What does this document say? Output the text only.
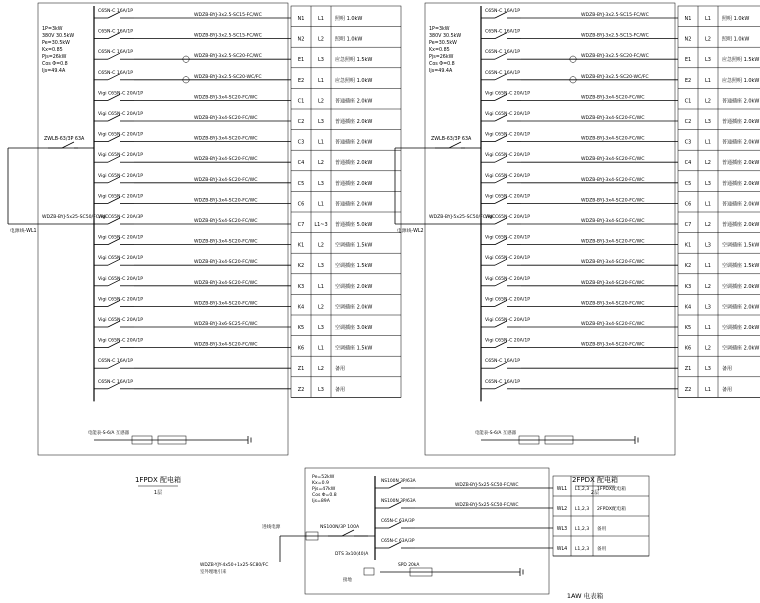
C65N-C 16A/1P
WDZB-BYJ-3x2.5-SC15-FC/WC
N1	L1 照明 1.0kW
C65N-C 16A/1P
WDZB-BYJ-3x2.5-SC15-FC/WC
N2	L2 照明 1.0kW
C65N-C 16A/1P
WDZB-BYJ-3x2.5-SC20-FC/WC
E1	L3 应急照明 1.5kW
C65N-C 16A/1P
WDZB-BYJ-3x2.5-SC20-WC/FC
E2	L1 应急照明 1.0kW
Vigi C65N-C 20A/1P
WDZB-BYJ-3x4-SC20-FC/WC
C1	L2 普通插座 2.0kW
Vigi C65N-C 20A/1P
WDZB-BYJ-3x4-SC20-FC/WC
C2	L3 普通插座 2.0kW
Vigi C65N-C 20A/1P
WDZB-BYJ-3x4-SC20-FC/WC
C3	L1 普通插座 2.0kW
Vigi C65N-C 20A/1P
WDZB-BYJ-3x4-SC20-FC/WC
C4	L2 普通插座 2.0kW
Vigi C65N-C 20A/1P
WDZB-BYJ-3x4-SC20-FC/WC
C5	L3 普通插座 2.0kW
Vigi C65N-C 20A/1P
WDZB-BYJ-3x4-SC20-FC/WC
C6	L1 普通插座 2.0kW
Vigi C65N-C 20A/3P
WDZB-BYJ-5x4-SC20-FC/WC
C7 L1~3 普通插座 5.0kW
Vigi C65N-C 20A/1P
WDZB-BYJ-3x4-SC20-FC/WC
K1	L2 空调插座 1.5kW
Vigi C65N-C 20A/1P
WDZB-BYJ-3x4-SC20-FC/WC
K2	L3 空调插座 1.5kW
Vigi C65N-C 20A/1P
WDZB-BYJ-3x4-SC20-FC/WC
K3	L1 空调插座 2.0kW
Vigi C65N-C 20A/1P
WDZB-BYJ-3x4-SC20-FC/WC
K4	L2 空调插座 2.0kW
Vigi C65N-C 20A/1P
WDZB-BYJ-3x6-SC25-FC/WC
K5	L3 空调插座 3.0kW
Vigi C65N-C 20A/1P
WDZB-BYJ-3x4-SC20-FC/WC
K6	L1 空调插座 1.5kW
C65N-C 16A/1P
Z1	L2 备用
C65N-C 16A/1P
Z2	L3 备用
1P=3kW
380V 30.5kW
Pe=30.5kW
Kx=0.85
Pjs=26kW
Cos Φ=0.8
Ijs=49.4A
ZWLB-63/3P 63A
WDZB-BYJ-5x25-SC50/FC/WC
电源线-WL1
电能表-S-6/A 互感器
1FPDX 配电箱
1层
C65N-C 16A/1P
WDZB-BYJ-3x2.5-SC15-FC/WC
N1	L1 照明 1.0kW
C65N-C 16A/1P
WDZB-BYJ-3x2.5-SC15-FC/WC
N2	L2 照明 1.0kW
C65N-C 16A/1P
WDZB-BYJ-3x2.5-SC20-FC/WC
E1	L3 应急照明 1.5kW
C65N-C 16A/1P
WDZB-BYJ-3x2.5-SC20-WC/FC
E2	L1 应急照明 1.0kW
Vigi C65N-C 20A/1P
WDZB-BYJ-3x4-SC20-FC/WC
C1	L2 普通插座 2.0kW
Vigi C65N-C 20A/1P
WDZB-BYJ-3x4-SC20-FC/WC
C2	L3 普通插座 2.0kW
Vigi C65N-C 20A/1P
WDZB-BYJ-3x4-SC20-FC/WC
C3	L1 普通插座 2.0kW
Vigi C65N-C 20A/1P
WDZB-BYJ-3x4-SC20-FC/WC
C4	L2 普通插座 2.0kW
Vigi C65N-C 20A/1P
WDZB-BYJ-3x4-SC20-FC/WC
C5	L3 普通插座 2.0kW
Vigi C65N-C 20A/1P
WDZB-BYJ-3x4-SC20-FC/WC
C6	L1 普通插座 2.0kW
Vigi C65N-C 20A/1P
WDZB-BYJ-3x4-SC20-FC/WC
C7	L2 普通插座 2.0kW
Vigi C65N-C 20A/1P
WDZB-BYJ-3x4-SC20-FC/WC
K1	L3 空调插座 1.5kW
Vigi C65N-C 20A/1P
WDZB-BYJ-3x4-SC20-FC/WC
K2	L1 空调插座 1.5kW
Vigi C65N-C 20A/1P
WDZB-BYJ-3x4-SC20-FC/WC
K3	L2 空调插座 2.0kW
Vigi C65N-C 20A/1P
WDZB-BYJ-3x4-SC20-FC/WC
K4	L3 空调插座 2.0kW
Vigi C65N-C 20A/1P
WDZB-BYJ-3x4-SC20-FC/WC
K5	L1 空调插座 2.0kW
Vigi C65N-C 20A/1P
WDZB-BYJ-3x4-SC20-FC/WC
K6	L2 空调插座 2.0kW
C65N-C 16A/1P
Z1	L3 备用
C65N-C 16A/1P
Z2	L1 备用
1P=3kW
380V 30.5kW
Pe=30.5kW
Kx=0.85
Pjs=26kW
Cos Φ=0.8
Ijs=49.4A
ZWLB-63/3P 63A
WDZB-BYJ-5x25-SC50/FC/WC
电源线-WL2
电能表-S-6/A 互感器
2FPDX 配电箱
2层
Pe=52kW
Kx=0.9
Pjs=47kW
Cos Φ=0.8
Ijs=89A
NS100N/3P 100A
进线电源
WDZB-YJY-4x50+1x25-SC80/FC
室外埋地引来
DTS 3x10(40)A
接地
SPD 20kA
NS100N 3P/63A
WDZB-BYJ-5x25-SC50-FC/WC
WL1 L1,2,3 1FPDX配电箱
NS100N 3P/63A
WDZB-BYJ-5x25-SC50-FC/WC
WL2 L1,2,3 2FPDX配电箱
C65N-C 63A/3P
WL3 L1,2,3 备用
C65N-C 63A/3P
WL4 L1,2,3 备用
1AW 电表箱
